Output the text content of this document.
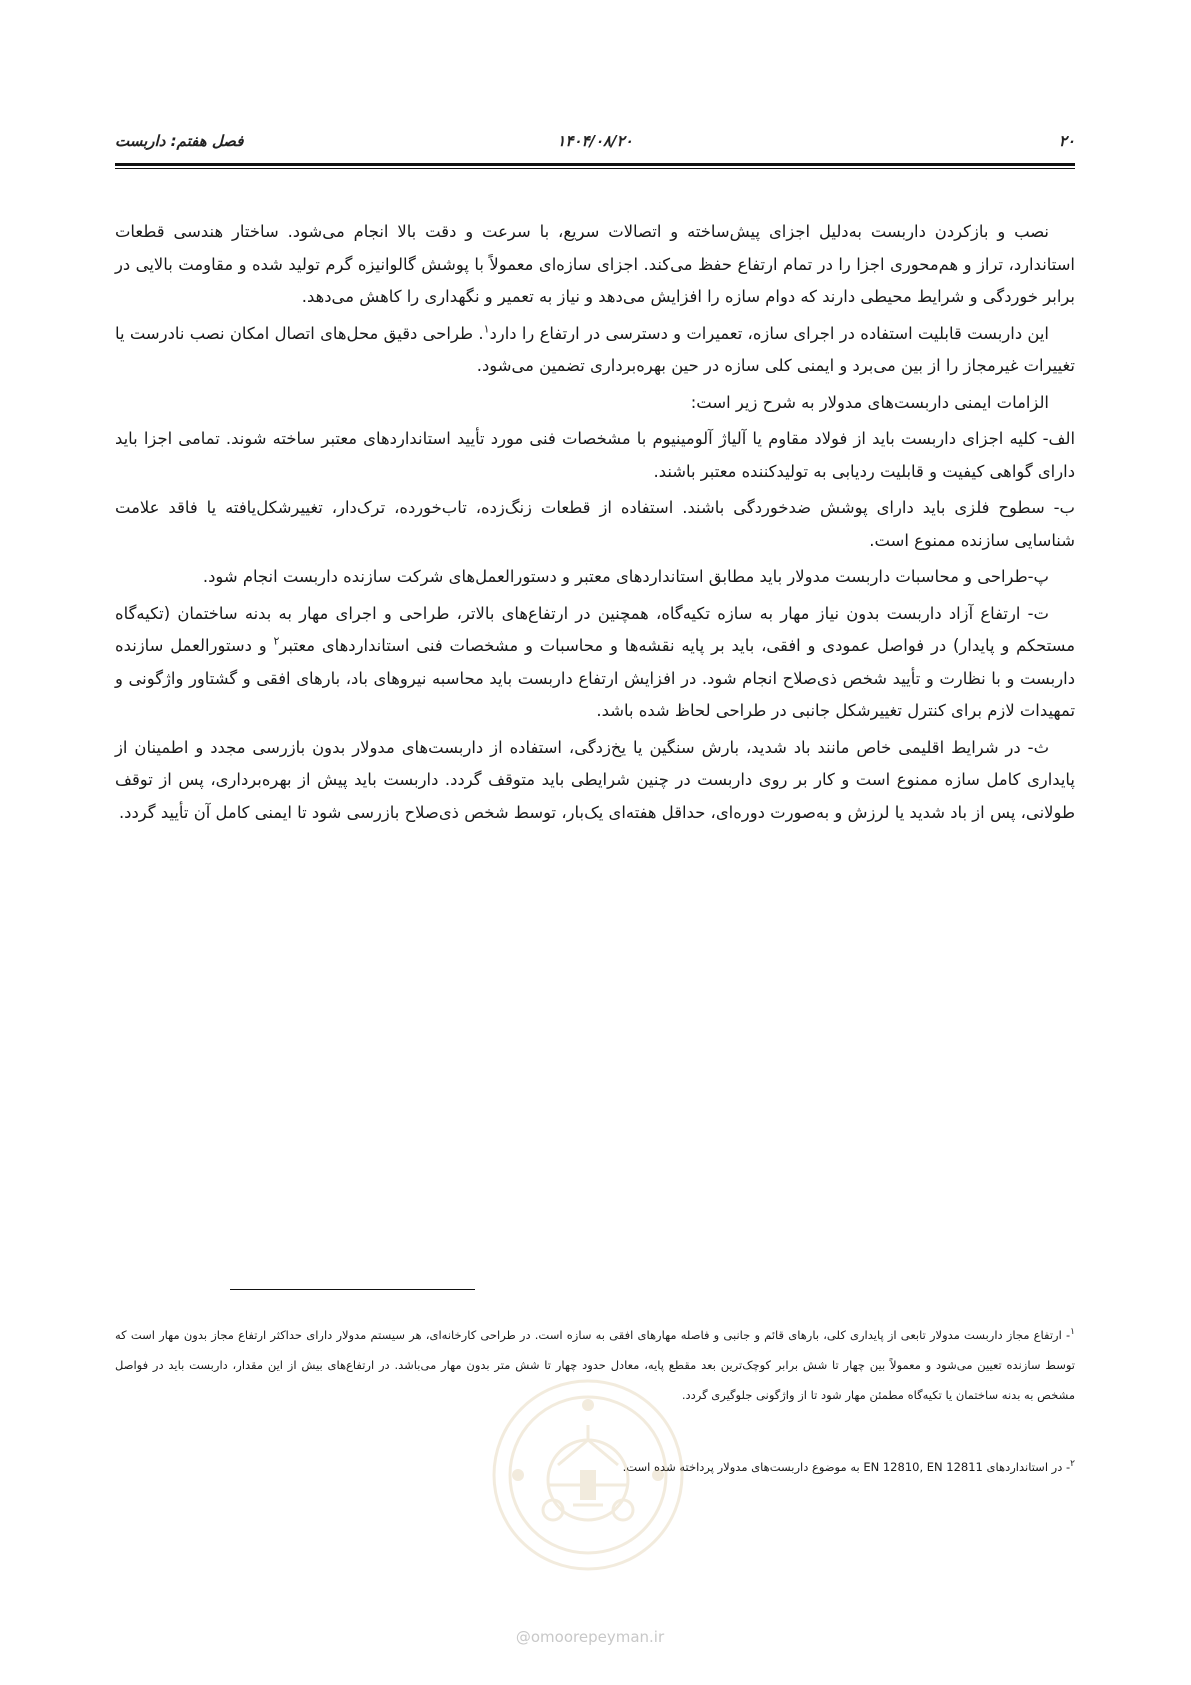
۲۰
۱۴۰۴/۰۸/۲۰
فصل هفتم: داربست

نصب و بازکردن داربست به‌دلیل اجزای پیش‌ساخته و اتصالات سریع، با سرعت و دقت بالا انجام می‌شود. ساختار هندسی قطعات استاندارد، تراز و هم‌محوری اجزا را در تمام ارتفاع حفظ می‌کند. اجزای سازه‌ای معمولاً با پوشش گالوانیزه گرم تولید شده و مقاومت بالایی در برابر خوردگی و شرایط محیطی دارند که دوام سازه را افزایش می‌دهد و نیاز به تعمیر و نگهداری را کاهش می‌دهد.

این داربست قابلیت استفاده در اجرای سازه، تعمیرات و دسترسی در ارتفاع را دارد$^۱$. طراحی دقیق محل‌های اتصال امکان نصب نادرست یا تغییرات غیرمجاز را از بین می‌برد و ایمنی کلی سازه در حین بهره‌برداری تضمین می‌شود.

الزامات ایمنی داربست‌های مدولار به شرح زیر است:

الف- کلیه اجزای داربست باید از فولاد مقاوم یا آلیاژ آلومینیوم با مشخصات فنی مورد تأیید استانداردهای معتبر ساخته شوند. تمامی اجزا باید دارای گواهی کیفیت و قابلیت ردیابی به تولیدکننده معتبر باشند.

ب- سطوح فلزی باید دارای پوشش ضدخوردگی باشند. استفاده از قطعات زنگ‌زده، تاب‌خورده، ترک‌دار، تغییرشکل‌یافته یا فاقد علامت شناسایی سازنده ممنوع است.

پ-طراحی و محاسبات داربست مدولار باید مطابق استانداردهای معتبر و دستورالعمل‌های شرکت سازنده داربست انجام شود.

ت- ارتفاع آزاد داربست بدون نیاز مهار به سازه تکیه‌گاه، همچنین در ارتفاع‌های بالاتر، طراحی و اجرای مهار به بدنه ساختمان (تکیه‌گاه مستحکم و پایدار) در فواصل عمودی و افقی، باید بر پایه نقشه‌ها و محاسبات و مشخصات فنی استانداردهای معتبر$^۲$ و دستورالعمل سازنده داربست و با نظارت و تأیید شخص ذی‌صلاح انجام شود. در افزایش ارتفاع داربست باید محاسبه نیروهای باد، بارهای افقی و گشتاور واژگونی و تمهیدات لازم برای کنترل تغییرشکل جانبی در طراحی لحاظ شده باشد.

ث- در شرایط اقلیمی خاص مانند باد شدید، بارش سنگین یا یخ‌زدگی، استفاده از داربست‌های مدولار بدون بازرسی مجدد و اطمینان از پایداری کامل سازه ممنوع است و کار بر روی داربست در چنین شرایطی باید متوقف گردد. داربست باید پیش از بهره‌برداری، پس از توقف طولانی، پس از باد شدید یا لرزش و به‌صورت دوره‌ای، حداقل هفته‌ای یک‌بار، توسط شخص ذی‌صلاح بازرسی شود تا ایمنی کامل آن تأیید گردد.

$^۱$- ارتفاع مجاز داربست مدولار تابعی از پایداری کلی، بارهای قائم و جانبی و فاصله مهارهای افقی به سازه است. در طراحی کارخانه‌ای، هر سیستم مدولار دارای حداکثر ارتفاع مجاز بدون مهار است که توسط سازنده تعیین می‌شود و معمولاً بین چهار تا شش برابر کوچک‌ترین بعد مقطع پایه، معادل حدود چهار تا شش متر بدون مهار می‌باشد. در ارتفاع‌های بیش از این مقدار، داربست باید در فواصل مشخص به بدنه ساختمان یا تکیه‌گاه مطمئن مهار شود تا از واژگونی جلوگیری گردد.

$^۲$- در استانداردهای EN 12810, EN 12811 به موضوع داربست‌های مدولار پرداخته شده است.

@omoorepeyman.ir
